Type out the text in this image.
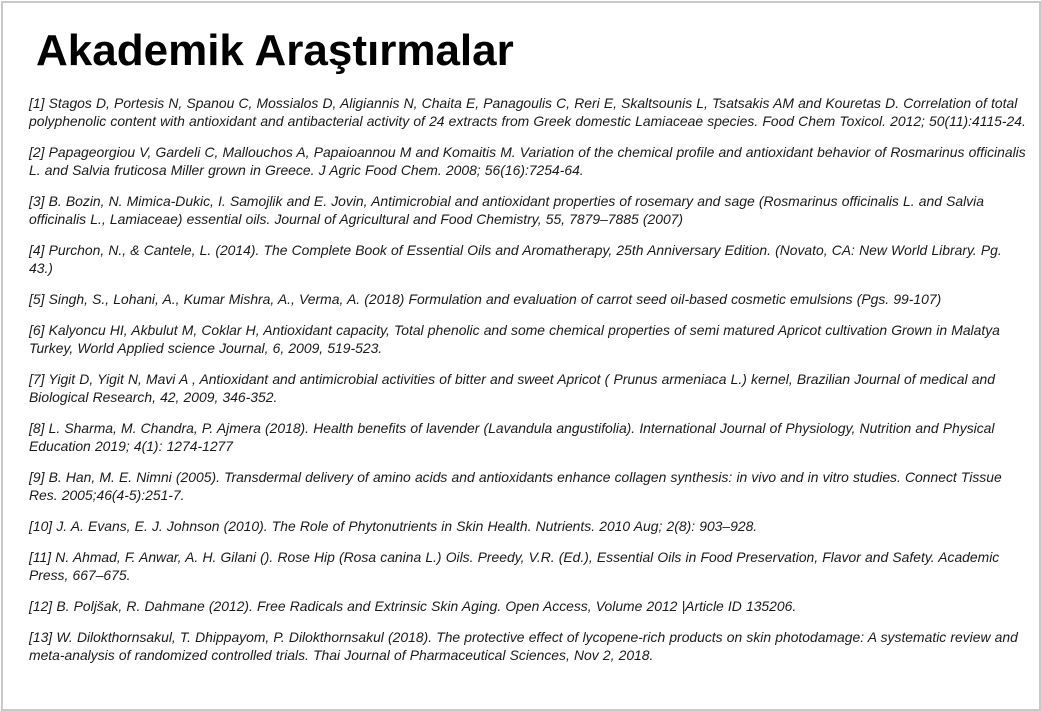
Akademik Araştırmalar
[1] Stagos D, Portesis N, Spanou C, Mossialos D, Aligiannis N, Chaita E, Panagoulis C, Reri E, Skaltsounis L, Tsatsakis AM and Kouretas D. Correlation of total polyphenolic content with antioxidant and antibacterial activity of 24 extracts from Greek domestic Lamiaceae species. Food Chem Toxicol. 2012; 50(11):4115-24.
[2] Papageorgiou V, Gardeli C, Mallouchos A, Papaioannou M and Komaitis M. Variation of the chemical profile and antioxidant behavior of Rosmarinus officinalis L. and Salvia fruticosa Miller grown in Greece. J Agric Food Chem. 2008; 56(16):7254-64.
[3] B. Bozin, N. Mimica-Dukic, I. Samojlik and E. Jovin, Antimicrobial and antioxidant properties of rosemary and sage (Rosmarinus officinalis L. and Salvia officinalis L., Lamiaceae) essential oils. Journal of Agricultural and Food Chemistry, 55, 7879–7885 (2007)
[4] Purchon, N., & Cantele, L. (2014). The Complete Book of Essential Oils and Aromatherapy, 25th Anniversary Edition. (Novato, CA: New World Library. Pg. 43.)
[5] Singh, S., Lohani, A., Kumar Mishra, A., Verma, A. (2018) Formulation and evaluation of carrot seed oil-based cosmetic emulsions (Pgs. 99-107)
[6] Kalyoncu HI, Akbulut M, Coklar H, Antioxidant capacity, Total phenolic and some chemical properties of semi matured Apricot cultivation Grown in Malatya Turkey, World Applied science Journal, 6, 2009, 519-523.
[7] Yigit D, Yigit N, Mavi A , Antioxidant and antimicrobial activities of bitter and sweet Apricot ( Prunus armeniaca L.) kernel, Brazilian Journal of medical and Biological Research, 42, 2009, 346-352.
[8] L. Sharma, M. Chandra, P. Ajmera (2018). Health benefits of lavender (Lavandula angustifolia). International Journal of Physiology, Nutrition and Physical Education 2019; 4(1): 1274-1277
[9] B. Han, M. E. Nimni (2005). Transdermal delivery of amino acids and antioxidants enhance collagen synthesis: in vivo and in vitro studies. Connect Tissue Res. 2005;46(4-5):251-7.
[10] J. A. Evans, E. J. Johnson (2010). The Role of Phytonutrients in Skin Health. Nutrients. 2010 Aug; 2(8): 903–928.
[11] N. Ahmad, F. Anwar, A. H. Gilani (). Rose Hip (Rosa canina L.) Oils. Preedy, V.R. (Ed.), Essential Oils in Food Preservation, Flavor and Safety. Academic Press, 667–675.
[12] B. Poljšak, R. Dahmane (2012). Free Radicals and Extrinsic Skin Aging. Open Access, Volume 2012 |Article ID 135206.
[13] W. Dilokthornsakul, T. Dhippayom, P. Dilokthornsakul (2018). The protective effect of lycopene-rich products on skin photodamage: A systematic review and meta-analysis of randomized controlled trials. Thai Journal of Pharmaceutical Sciences, Nov 2, 2018.
